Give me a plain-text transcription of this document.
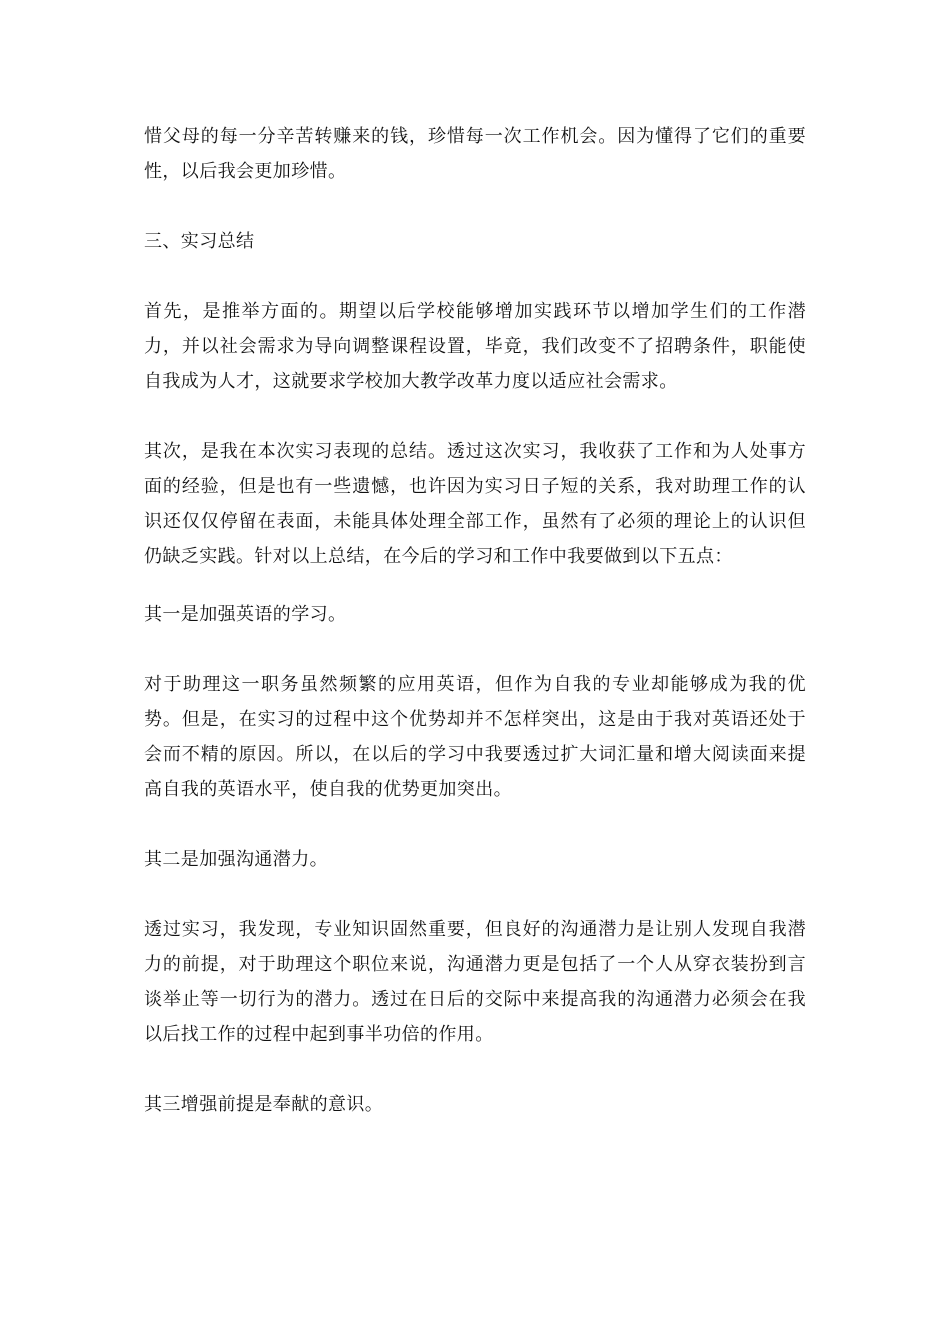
惜父母的每一分辛苦转赚来的钱，珍惜每一次工作机会。因为懂得了它们的重要性，以后我会更加珍惜。

三、实习总结

首先，是推举方面的。期望以后学校能够增加实践环节以增加学生们的工作潜力，并以社会需求为导向调整课程设置，毕竟，我们改变不了招聘条件，职能使自我成为人才，这就要求学校加大教学改革力度以适应社会需求。

其次，是我在本次实习表现的总结。透过这次实习，我收获了工作和为人处事方面的经验，但是也有一些遗憾，也许因为实习日子短的关系，我对助理工作的认识还仅仅停留在表面，未能具体处理全部工作，虽然有了必须的理论上的认识但仍缺乏实践。针对以上总结，在今后的学习和工作中我要做到以下五点：

其一是加强英语的学习。

对于助理这一职务虽然频繁的应用英语，但作为自我的专业却能够成为我的优势。但是，在实习的过程中这个优势却并不怎样突出，这是由于我对英语还处于会而不精的原因。所以，在以后的学习中我要透过扩大词汇量和增大阅读面来提高自我的英语水平，使自我的优势更加突出。

其二是加强沟通潜力。

透过实习，我发现，专业知识固然重要，但良好的沟通潜力是让别人发现自我潜力的前提，对于助理这个职位来说，沟通潜力更是包括了一个人从穿衣装扮到言谈举止等一切行为的潜力。透过在日后的交际中来提高我的沟通潜力必须会在我以后找工作的过程中起到事半功倍的作用。

其三增强前提是奉献的意识。
